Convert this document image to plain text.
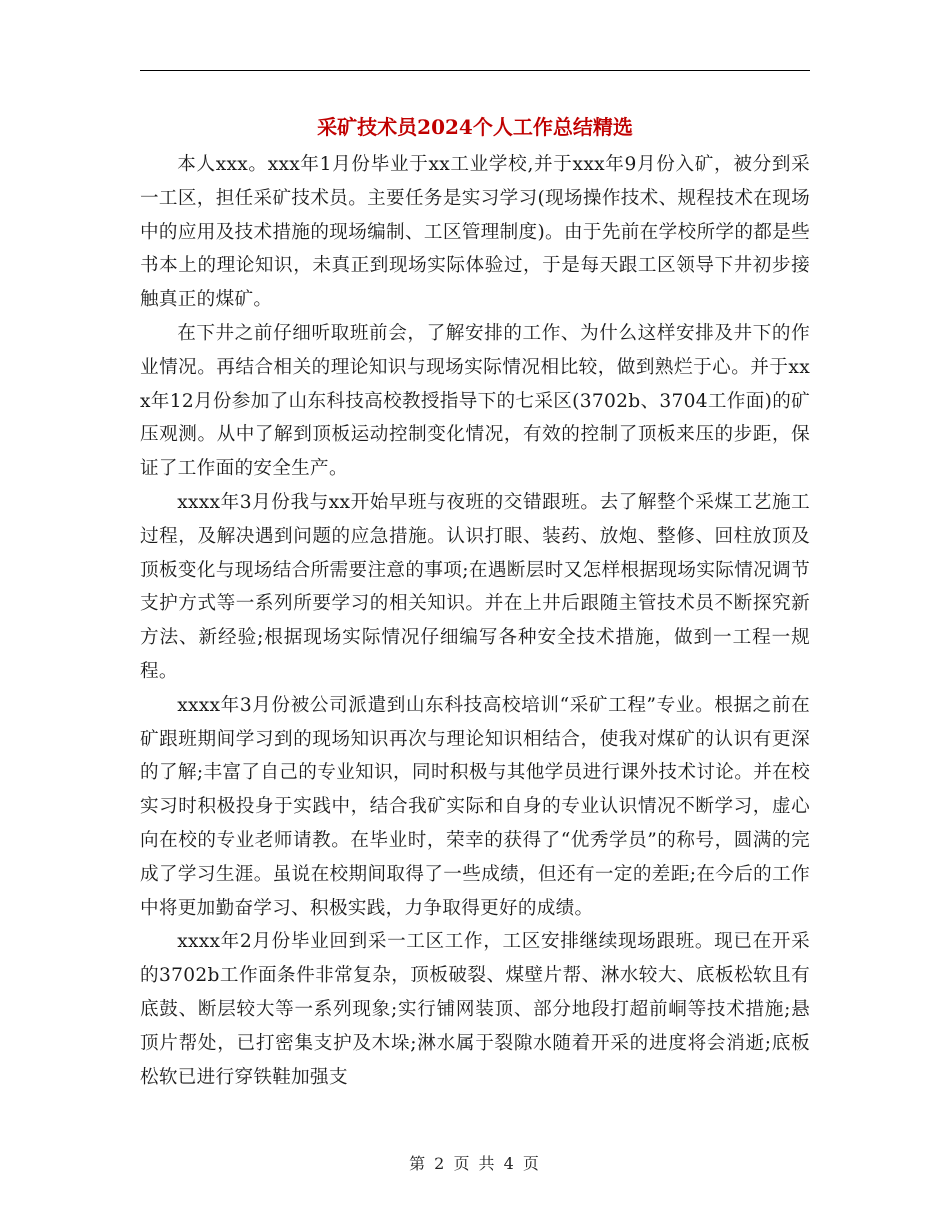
采矿技术员2024个人工作总结精选

本人xxx。xxx年1月份毕业于xx工业学校,并于xxx年9月份入矿，被分到采一工区，担任采矿技术员。主要任务是实习学习(现场操作技术、规程技术在现场中的应用及技术措施的现场编制、工区管理制度)。由于先前在学校所学的都是些书本上的理论知识，未真正到现场实际体验过，于是每天跟工区领导下井初步接触真正的煤矿。

在下井之前仔细听取班前会，了解安排的工作、为什么这样安排及井下的作业情况。再结合相关的理论知识与现场实际情况相比较，做到熟烂于心。并于xxx年12月份参加了山东科技高校教授指导下的七采区(3702b、3704工作面)的矿压观测。从中了解到顶板运动控制变化情况，有效的控制了顶板来压的步距，保证了工作面的安全生产。

xxxx年3月份我与xx开始早班与夜班的交错跟班。去了解整个采煤工艺施工过程，及解决遇到问题的应急措施。认识打眼、装药、放炮、整修、回柱放顶及顶板变化与现场结合所需要注意的事项;在遇断层时又怎样根据现场实际情况调节支护方式等一系列所要学习的相关知识。并在上井后跟随主管技术员不断探究新方法、新经验;根据现场实际情况仔细编写各种安全技术措施，做到一工程一规程。

xxxx年3月份被公司派遣到山东科技高校培训“采矿工程”专业。根据之前在矿跟班期间学习到的现场知识再次与理论知识相结合，使我对煤矿的认识有更深的了解;丰富了自己的专业知识，同时积极与其他学员进行课外技术讨论。并在校实习时积极投身于实践中，结合我矿实际和自身的专业认识情况不断学习，虚心向在校的专业老师请教。在毕业时，荣幸的获得了“优秀学员”的称号，圆满的完成了学习生涯。虽说在校期间取得了一些成绩，但还有一定的差距;在今后的工作中将更加勤奋学习、积极实践，力争取得更好的成绩。

xxxx年2月份毕业回到采一工区工作，工区安排继续现场跟班。现已在开采的3702b工作面条件非常复杂，顶板破裂、煤壁片帮、淋水较大、底板松软且有底鼓、断层较大等一系列现象;实行铺网装顶、部分地段打超前峒等技术措施;悬顶片帮处，已打密集支护及木垛;淋水属于裂隙水随着开采的进度将会消逝;底板松软已进行穿铁鞋加强支

第 2 页 共 4 页
